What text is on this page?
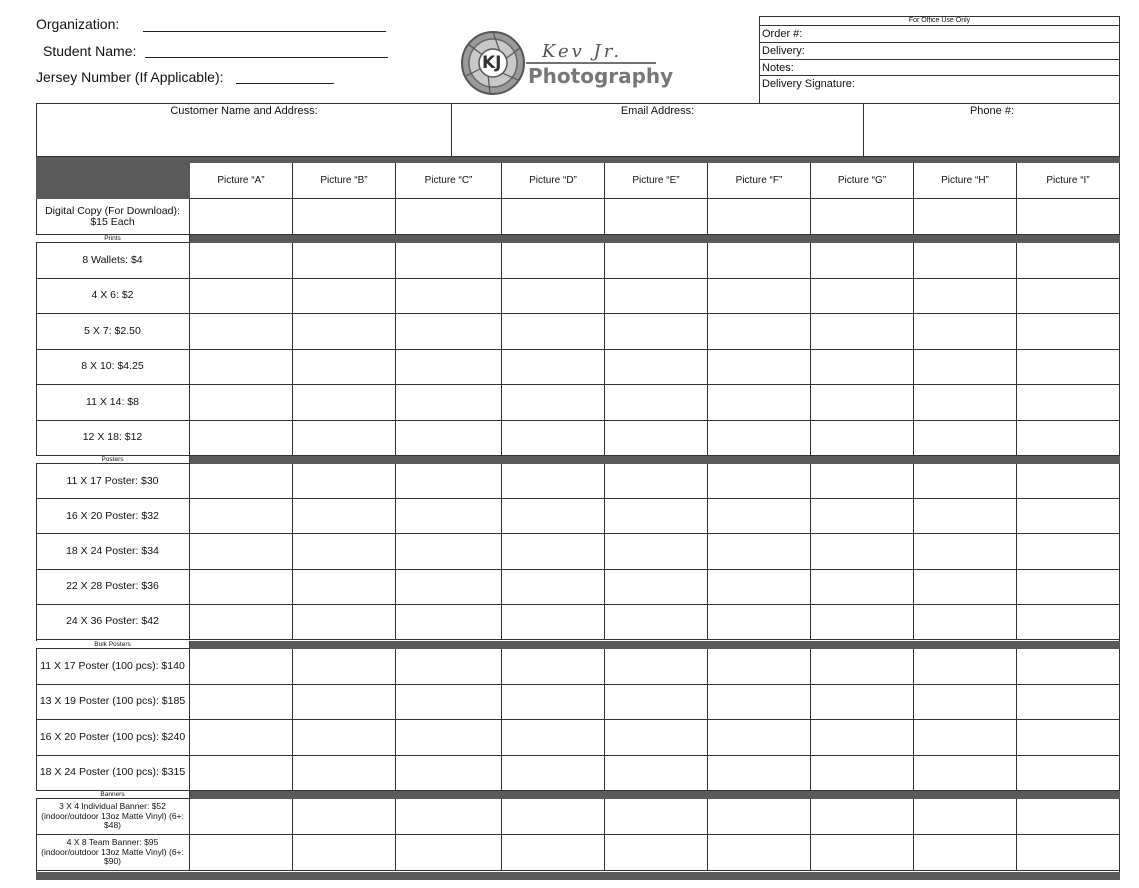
Organization:
Student Name:
Jersey Number (If Applicable):
KJ
Kev Jr.
Photography
For Office Use Only
Order #:
Delivery:
Notes:
Delivery Signature:
Customer Name and Address:	Email Address:	Phone #:
Picture “A”	Picture “B”	Picture “C”	Picture “D”	Picture “E”	Picture “F”	Picture “G”	Picture “H”	Picture “I”
Digital Copy (For Download): $15 Each
Prints
8 Wallets: $4
4 X 6: $2
5 X 7: $2.50
8 X 10: $4.25
11 X 14: $8
12 X 18: $12
Posters
11 X 17 Poster: $30
16 X 20 Poster: $32
18 X 24 Poster: $34
22 X 28 Poster: $36
24 X 36 Poster: $42
Bulk Posters
11 X 17 Poster (100 pcs): $140
13 X 19 Poster (100 pcs): $185
16 X 20 Poster (100 pcs): $240
18 X 24 Poster (100 pcs): $315
Banners
3 X 4 Individual Banner: $52 (indoor/outdoor 13oz Matte Vinyl) (6+: $48)
4 X 8 Team Banner: $95 (indoor/outdoor 13oz Matte Vinyl) (6+: $90)
